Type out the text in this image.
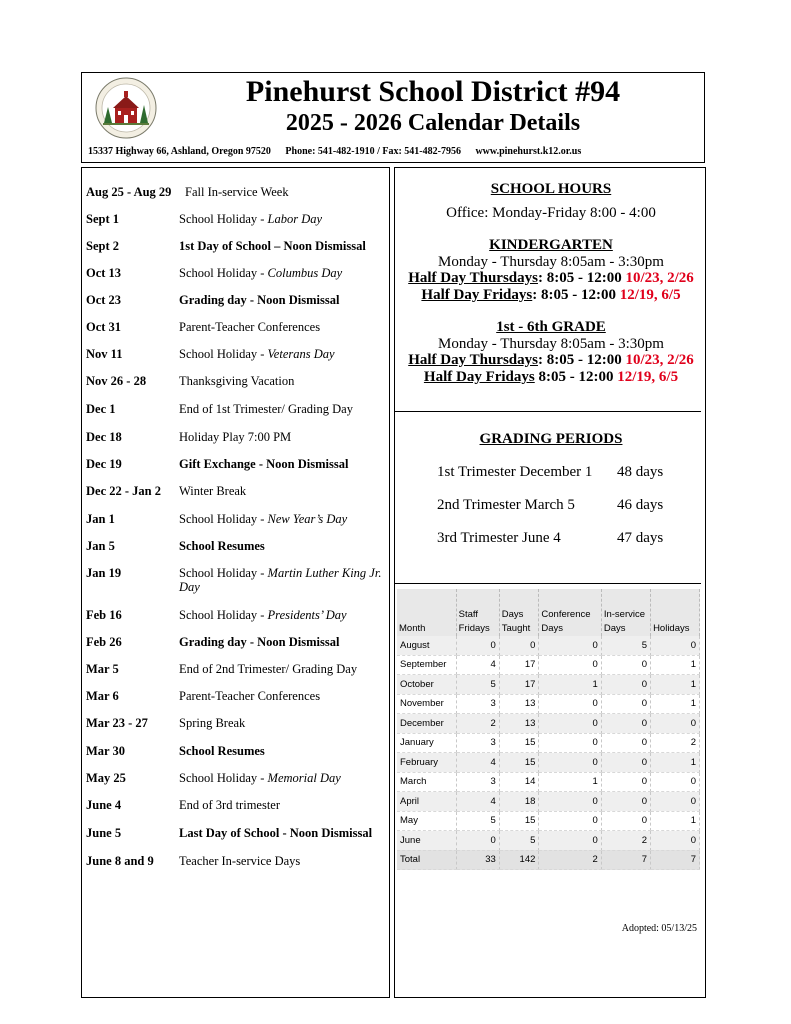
Pinehurst School District #94
2025 - 2026 Calendar Details
15337 Highway 66, Ashland, Oregon 97520 Phone: 541-482-1910 / Fax: 541-482-7956 www.pinehurst.k12.or.us
Aug 25 - Aug 29	Fall In-service Week
Sept 1	School Holiday - Labor Day
Sept 2	1st Day of School – Noon Dismissal
Oct 13	School Holiday - Columbus Day
Oct 23	Grading day - Noon Dismissal
Oct 31	Parent-Teacher Conferences
Nov 11	School Holiday - Veterans Day
Nov 26 - 28	Thanksgiving Vacation
Dec 1	End of 1st Trimester/ Grading Day
Dec 18	Holiday Play 7:00 PM
Dec 19	Gift Exchange - Noon Dismissal
Dec 22 - Jan 2	Winter Break
Jan 1	School Holiday - New Year’s Day
Jan 5	School Resumes
Jan 19	School Holiday - Martin Luther King Jr. Day
Feb 16	School Holiday - Presidents’ Day
Feb 26	Grading day - Noon Dismissal
Mar 5	End of 2nd Trimester/ Grading Day
Mar 6	Parent-Teacher Conferences
Mar 23 - 27	Spring Break
Mar 30	School Resumes
May 25	School Holiday - Memorial Day
June 4	End of 3rd trimester
June 5	Last Day of School - Noon Dismissal
June 8 and 9	Teacher In-service Days
SCHOOL HOURS
Office: Monday-Friday 8:00 - 4:00
KINDERGARTEN
Monday - Thursday 8:05am - 3:30pm
Half Day Thursdays: 8:05 - 12:00 10/23, 2/26
Half Day Fridays: 8:05 - 12:00 12/19, 6/5
1st - 6th GRADE
Monday - Thursday 8:05am - 3:30pm
Half Day Thursdays: 8:05 - 12:00 10/23, 2/26
Half Day Fridays 8:05 - 12:00 12/19, 6/5
GRADING PERIODS
1st Trimester December 1 48 days
2nd Trimester March 5	46 days
3rd Trimester June 4	47 days
Month	Staff Fridays	Days Taught	Conference Days	In-service Days	Holidays
August	0	0	0	5	0
September	4	17	0	0	1
October	5	17	1	0	1
November	3	13	0	0	1
December	2	13	0	0	0
January	3	15	0	0	2
February	4	15	0	0	1
March	3	14	1	0	0
April	4	18	0	0	0
May	5	15	0	0	1
June	0	5	0	2	0
Total	33	142	2	7	7
Adopted: 05/13/25
